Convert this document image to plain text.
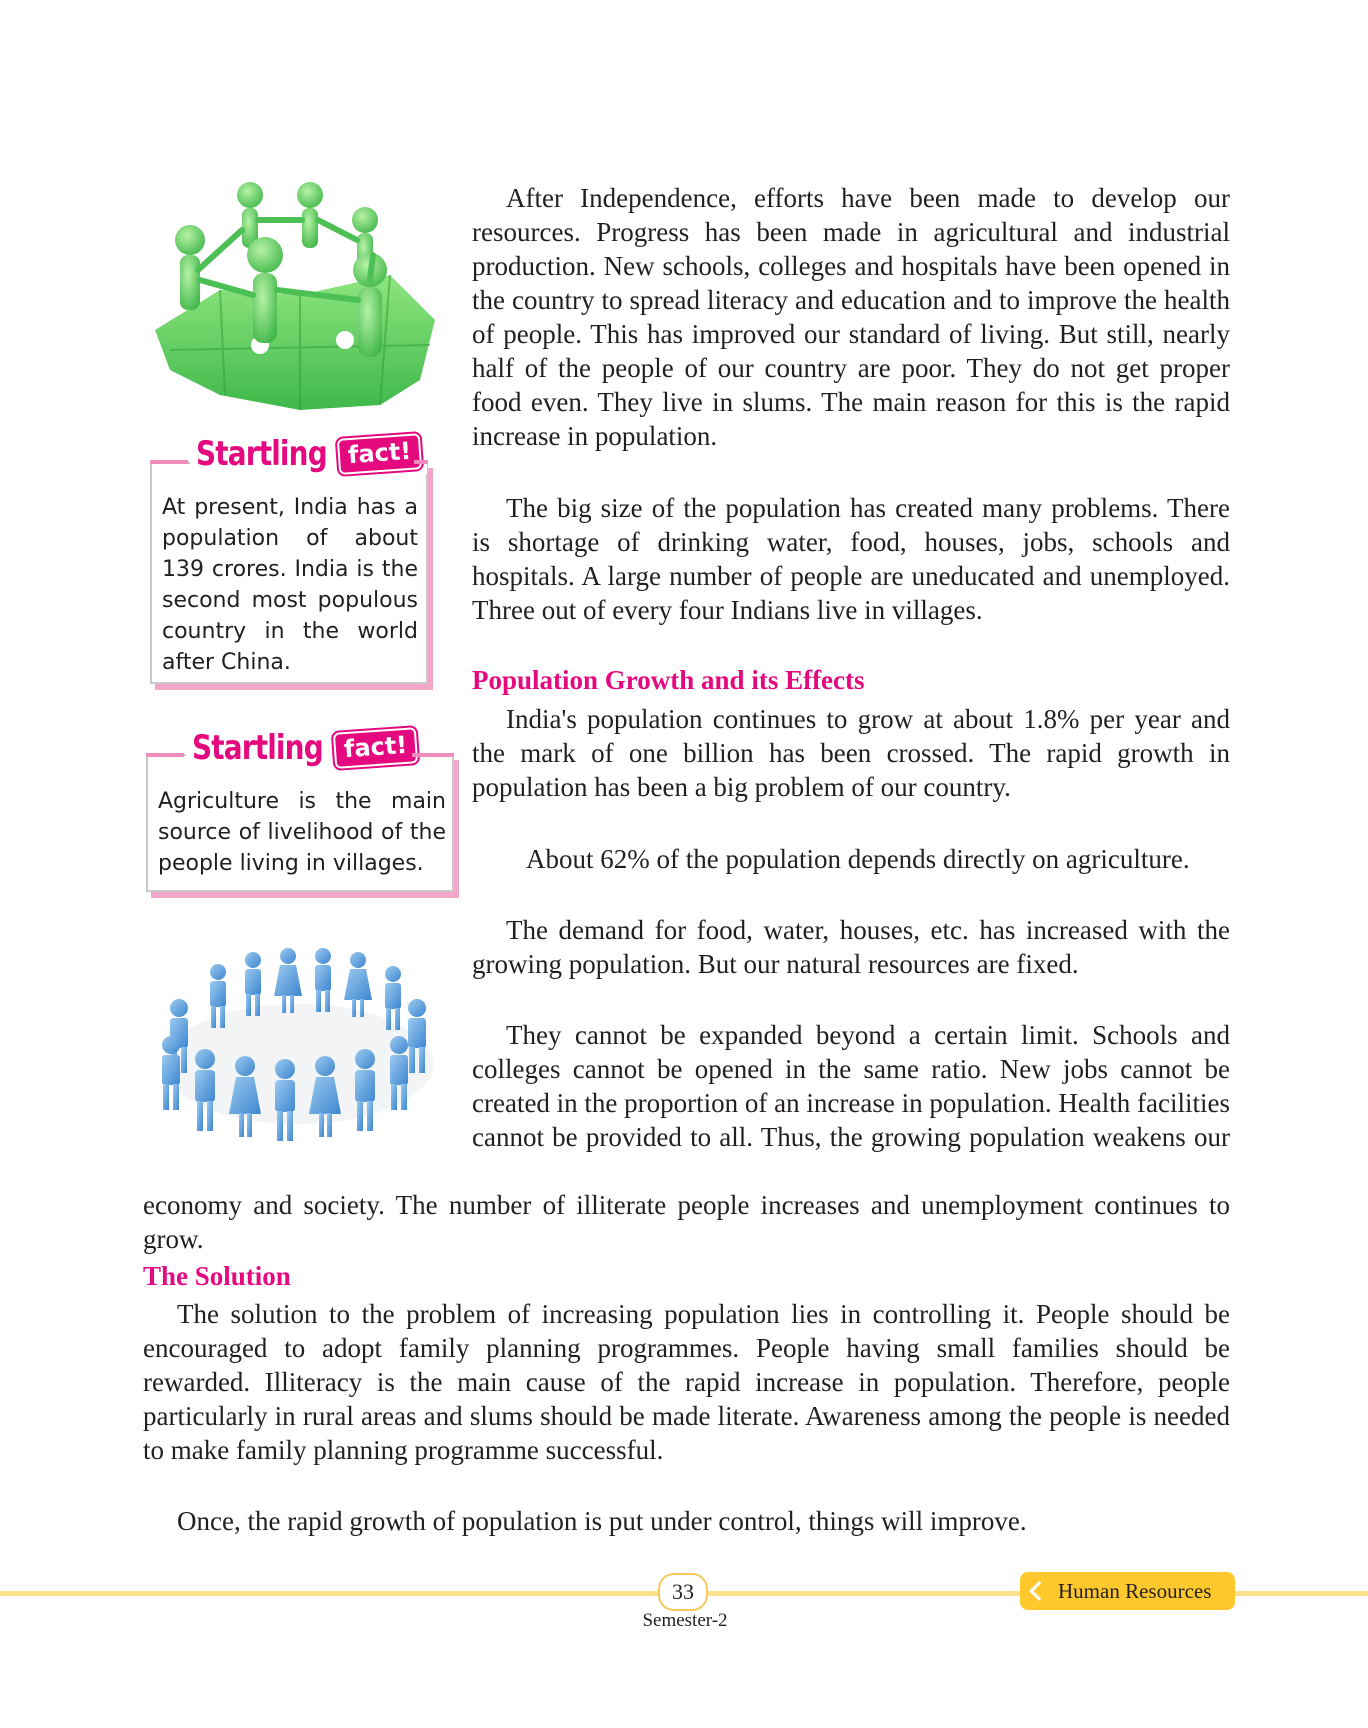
At present, India has a population of about 139 crores. India is the second most populous country in the world after China.

Startling fact!

Agriculture is the main source of livelihood of the people living in villages.

Startling fact!

After Independence, efforts have been made to develop our resources. Progress has been made in agricultural and industrial production. New schools, colleges and hospitals have been opened in the country to spread literacy and education and to improve the health of people. This has improved our standard of living. But still, nearly half of the people of our country are poor. They do not get proper food even. They live in slums. The main reason for this is the rapid increase in population.

The big size of the population has created many problems. There is shortage of drinking water, food, houses, jobs, schools and hospitals. A large number of people are uneducated and unemployed. Three out of every four Indians live in villages.

Population Growth and its Effects

India's population continues to grow at about 1.8% per year and the mark of one billion has been crossed. The rapid growth in population has been a big problem of our country.

About 62% of the population depends directly on agriculture.

The demand for food, water, houses, etc. has increased with the growing population. But our natural resources are fixed.

They cannot be expanded beyond a certain limit. Schools and colleges cannot be opened in the same ratio. New jobs cannot be created in the proportion of an increase in population. Health facilities cannot be provided to all. Thus, the growing population weakens our

economy and society. The number of illiterate people increases and unemployment continues to grow.

The Solution

The solution to the problem of increasing population lies in controlling it. People should be encouraged to adopt family planning programmes. People having small families should be rewarded. Illiteracy is the main cause of the rapid increase in population. Therefore, people particularly in rural areas and slums should be made literate. Awareness among the people is needed to make family planning programme successful.

Once, the rapid growth of population is put under control, things will improve.

33
Semester-2
Human Resources
